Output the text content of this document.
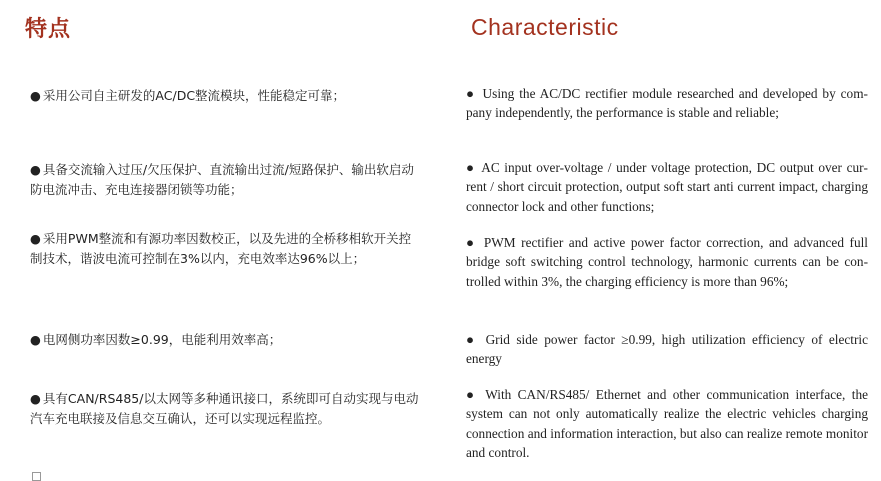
特点	Characteristic

● 采用公司自主研发的AC/DC整流模块，性能稳定可靠；

● 具备交流输入过压/欠压保护、直流输出过流/短路保护、输出软启动防电流冲击、充电连接器闭锁等功能；

● 采用PWM整流和有源功率因数校正，以及先进的全桥移相软开关控制技术，谐波电流可控制在3%以内，充电效率达96%以上；

● 电网侧功率因数≥0.99，电能利用效率高；

● 具有CAN/RS485/以太网等多种通讯接口，系统即可自动实现与电动汽车充电联接及信息交互确认，还可以实现远程监控。

● Using the AC/DC rectifier module researched and developed by company independently, the performance is stable and reliable;

● AC input over-voltage / under voltage protection, DC output over current / short circuit protection, output soft start anti current impact, charging connector lock and other functions;

● PWM rectifier and active power factor correction, and advanced full bridge soft switching control technology, harmonic currents can be controlled within 3%, the charging efficiency is more than 96%;

● Grid side power factor ≥0.99, high utilization efficiency of electric energy

● With CAN/RS485/ Ethernet and other communication interface, the system can not only automatically realize the electric vehicles charging connection and information interaction, but also can realize remote monitor and control.
